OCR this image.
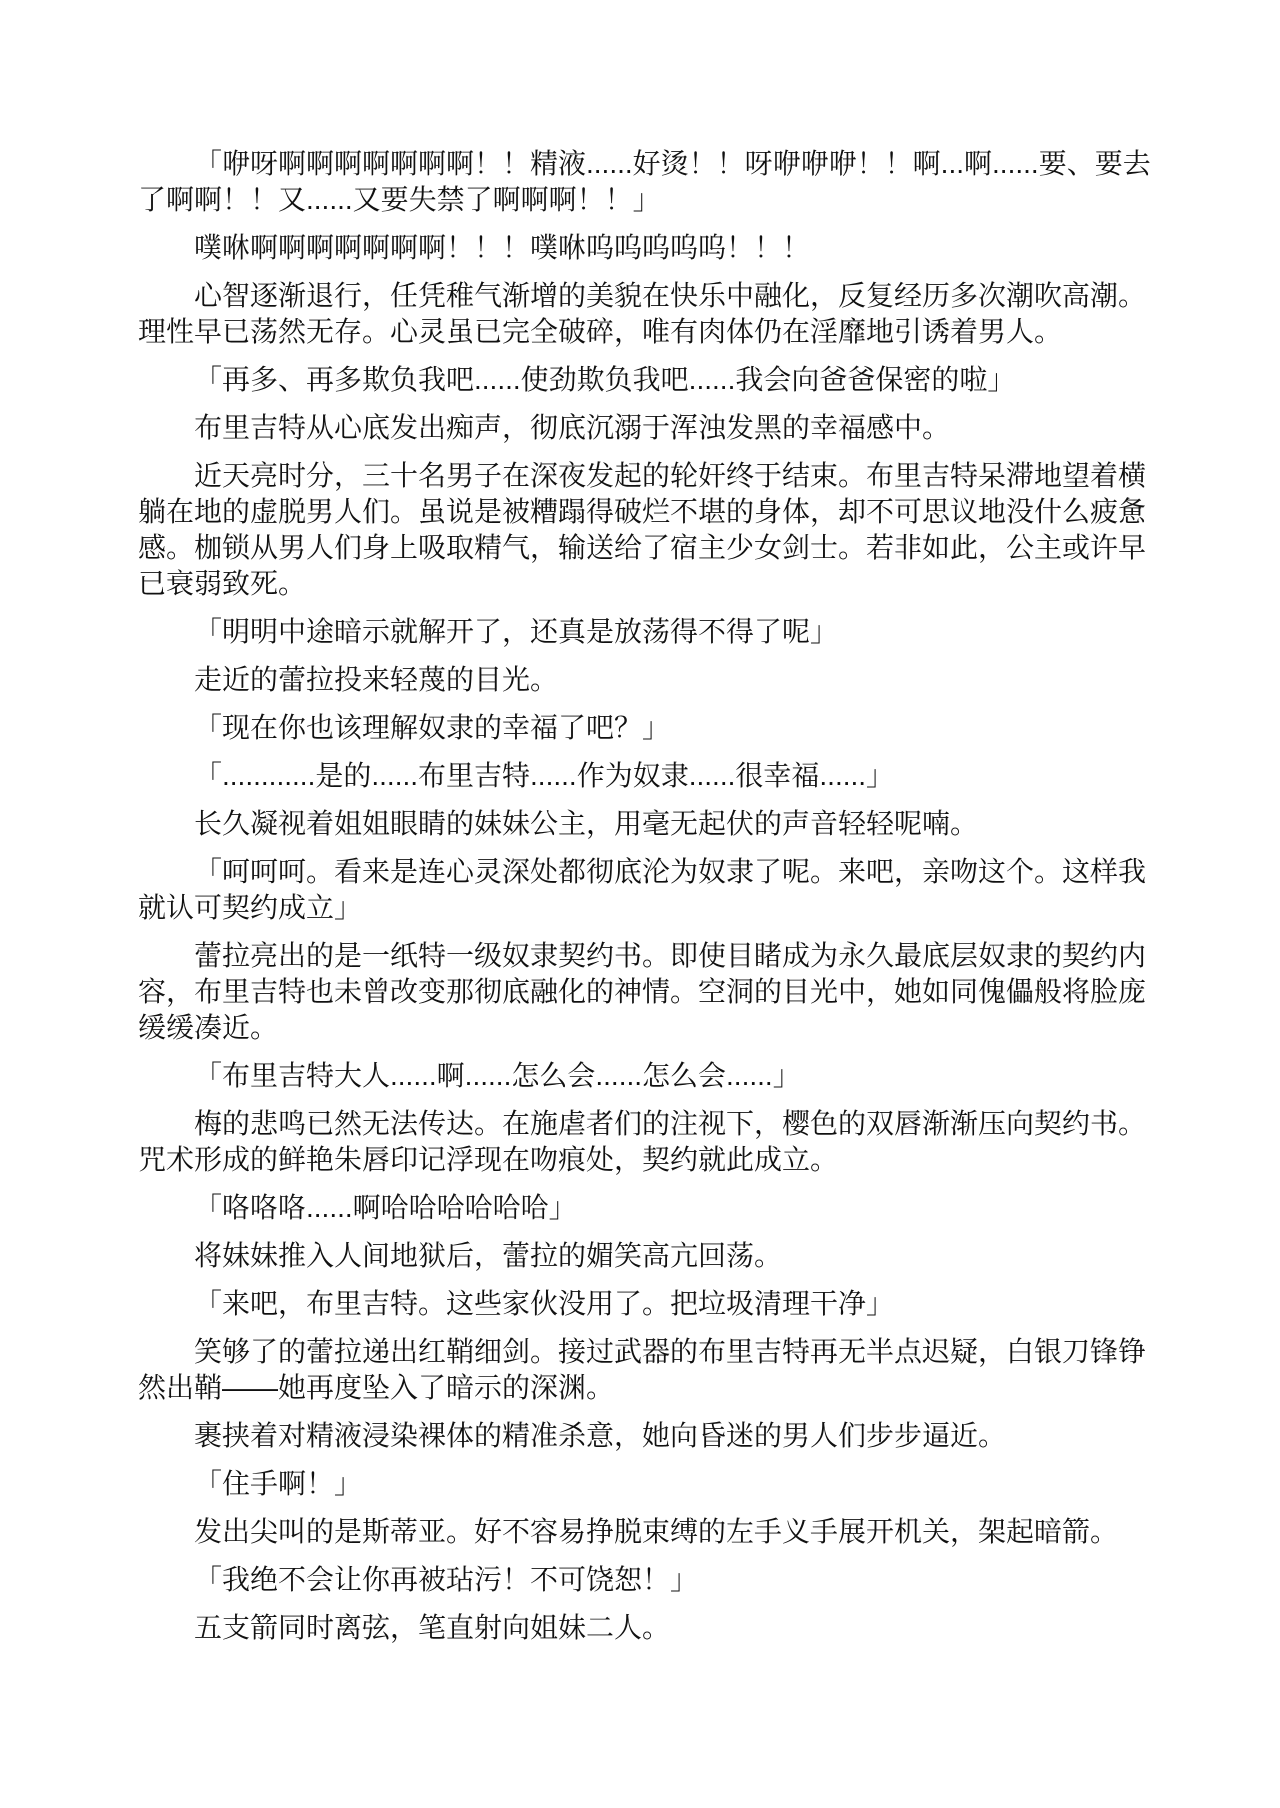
「咿呀啊啊啊啊啊啊啊！！精液......好烫！！呀咿咿咿！！啊...啊......要、要去了啊啊！！又......又要失禁了啊啊啊！！」

噗咻啊啊啊啊啊啊啊！！！噗咻呜呜呜呜呜！！！

心智逐渐退行，任凭稚气渐增的美貌在快乐中融化，反复经历多次潮吹高潮。理性早已荡然无存。心灵虽已完全破碎，唯有肉体仍在淫靡地引诱着男人。

「再多、再多欺负我吧......使劲欺负我吧......我会向爸爸保密的啦」

布里吉特从心底发出痴声，彻底沉溺于浑浊发黑的幸福感中。

近天亮时分，三十名男子在深夜发起的轮奸终于结束。布里吉特呆滞地望着横躺在地的虚脱男人们。虽说是被糟蹋得破烂不堪的身体，却不可思议地没什么疲惫感。枷锁从男人们身上吸取精气，输送给了宿主少女剑士。若非如此，公主或许早已衰弱致死。

「明明中途暗示就解开了，还真是放荡得不得了呢」

走近的蕾拉投来轻蔑的目光。

「现在你也该理解奴隶的幸福了吧？」

「............是的......布里吉特......作为奴隶......很幸福......」

长久凝视着姐姐眼睛的妹妹公主，用毫无起伏的声音轻轻呢喃。

「呵呵呵。看来是连心灵深处都彻底沦为奴隶了呢。来吧，亲吻这个。这样我就认可契约成立」

蕾拉亮出的是一纸特一级奴隶契约书。即使目睹成为永久最底层奴隶的契约内容，布里吉特也未曾改变那彻底融化的神情。空洞的目光中，她如同傀儡般将脸庞缓缓凑近。

「布里吉特大人......啊......怎么会......怎么会......」

梅的悲鸣已然无法传达。在施虐者们的注视下，樱色的双唇渐渐压向契约书。咒术形成的鲜艳朱唇印记浮现在吻痕处，契约就此成立。

「咯咯咯......啊哈哈哈哈哈哈」

将妹妹推入人间地狱后，蕾拉的媚笑高亢回荡。

「来吧，布里吉特。这些家伙没用了。把垃圾清理干净」

笑够了的蕾拉递出红鞘细剑。接过武器的布里吉特再无半点迟疑，白银刀锋铮然出鞘——她再度坠入了暗示的深渊。

裹挟着对精液浸染裸体的精准杀意，她向昏迷的男人们步步逼近。

「住手啊！」

发出尖叫的是斯蒂亚。好不容易挣脱束缚的左手义手展开机关，架起暗箭。

「我绝不会让你再被玷污！不可饶恕！」

五支箭同时离弦，笔直射向姐妹二人。
